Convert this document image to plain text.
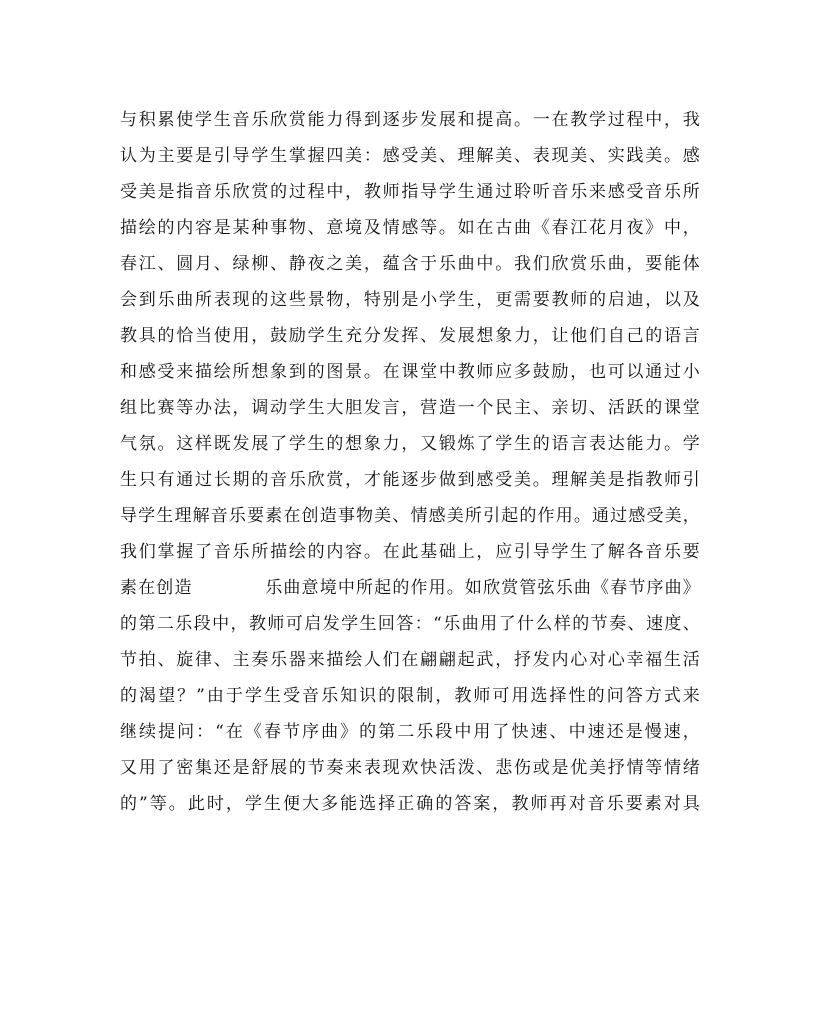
与积累使学生音乐欣赏能力得到逐步发展和提高。一在教学过程中，我
认为主要是引导学生掌握四美：感受美、理解美、表现美、实践美。感
受美是指音乐欣赏的过程中，教师指导学生通过聆听音乐来感受音乐所
描绘的内容是某种事物、意境及情感等。如在古曲《春江花月夜》中，
春江、圆月、绿柳、静夜之美，蕴含于乐曲中。我们欣赏乐曲，要能体
会到乐曲所表现的这些景物，特别是小学生，更需要教师的启迪，以及
教具的恰当使用，鼓励学生充分发挥、发展想象力，让他们自己的语言
和感受来描绘所想象到的图景。在课堂中教师应多鼓励，也可以通过小
组比赛等办法，调动学生大胆发言，营造一个民主、亲切、活跃的课堂
气氛。这样既发展了学生的想象力，又锻炼了学生的语言表达能力。学
生只有通过长期的音乐欣赏，才能逐步做到感受美。理解美是指教师引
导学生理解音乐要素在创造事物美、情感美所引起的作用。通过感受美，
我们掌握了音乐所描绘的内容。在此基础上，应引导学生了解各音乐要
素在创造　　　　乐曲意境中所起的作用。如欣赏管弦乐曲《春节序曲》
的第二乐段中，教师可启发学生回答：“乐曲用了什么样的节奏、速度、
节拍、旋律、主奏乐器来描绘人们在翩翩起武，抒发内心对心幸福生活
的渴望？”由于学生受音乐知识的限制，教师可用选择性的问答方式来
继续提问：“在《春节序曲》的第二乐段中用了快速、中速还是慢速，
又用了密集还是舒展的节奏来表现欢快活泼、悲伤或是优美抒情等情绪
的”等。此时，学生便大多能选择正确的答案，教师再对音乐要素对具
